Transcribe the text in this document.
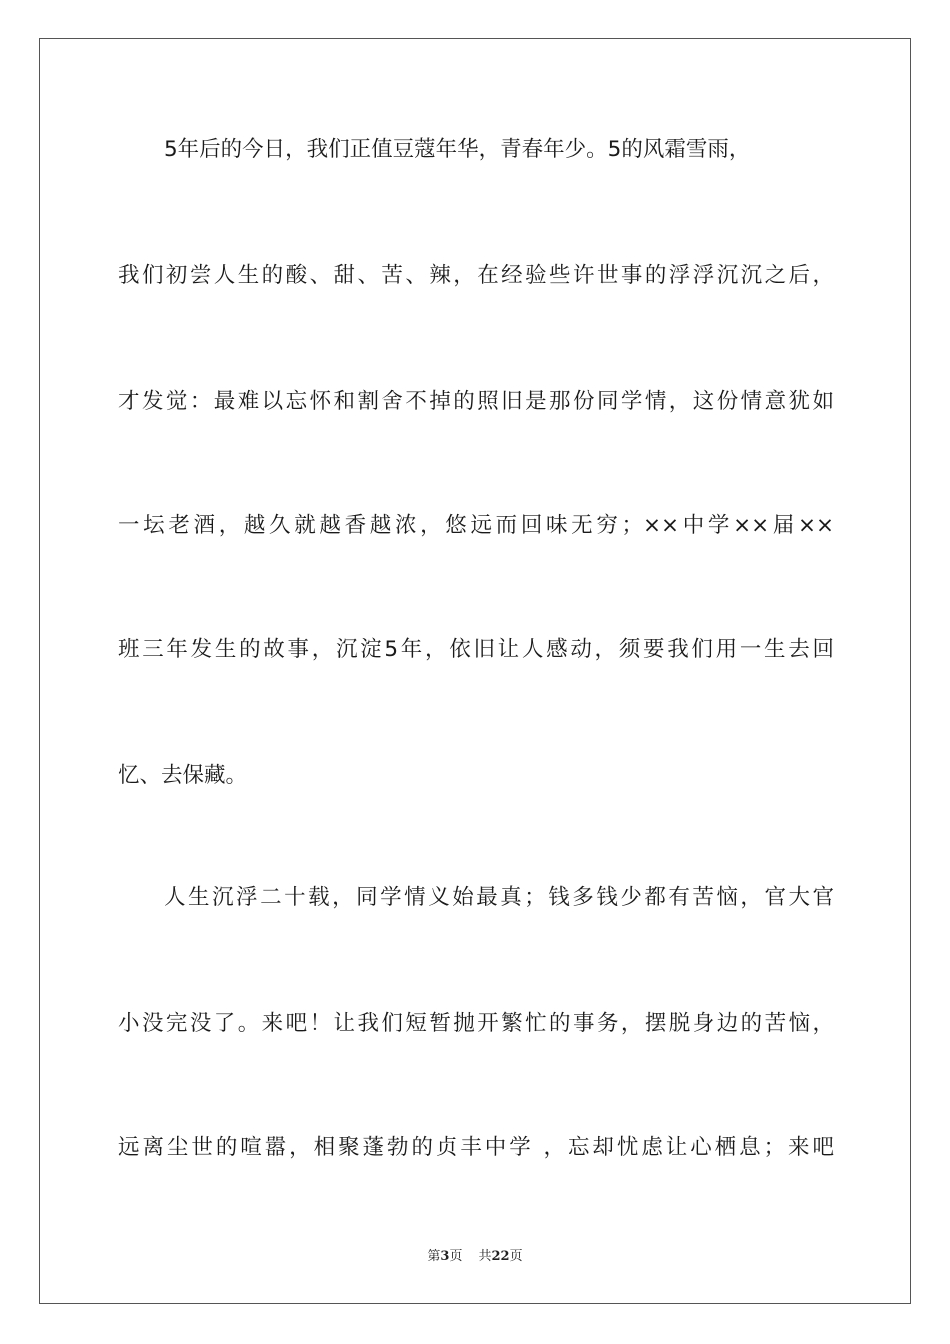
5年后的今日，我们正值豆蔻年华，青春年少。5的风霜雪雨，
我们初尝人生的酸、甜、苦、辣，在经验些许世事的浮浮沉沉之后，
才发觉：最难以忘怀和割舍不掉的照旧是那份同学情，这份情意犹如
一坛老酒，越久就越香越浓，悠远而回味无穷；××中学××届××
班三年发生的故事，沉淀5年，依旧让人感动，须要我们用一生去回
忆、去保藏。
人生沉浮二十载，同学情义始最真；钱多钱少都有苦恼，官大官
小没完没了。来吧！让我们短暂抛开繁忙的事务，摆脱身边的苦恼，
远离尘世的喧嚣，相聚蓬勃的贞丰中学 ，忘却忧虑让心栖息；来吧
第3页 共22页
